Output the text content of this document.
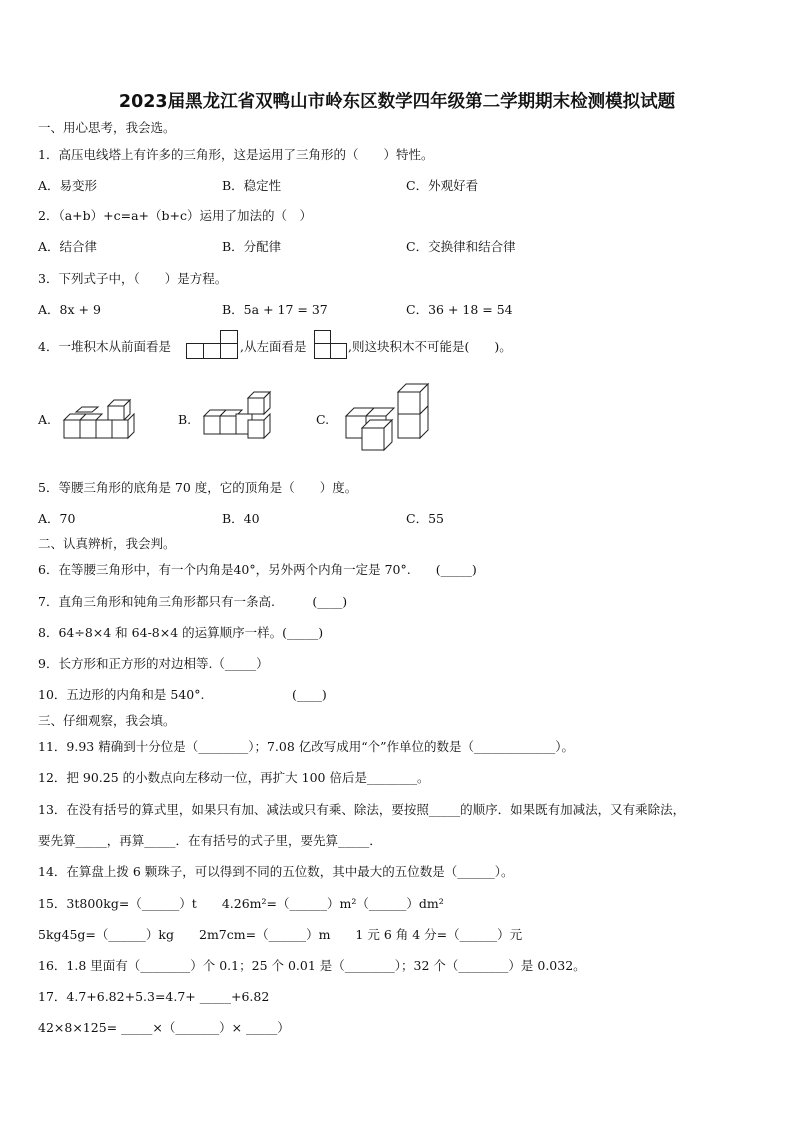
2023届黑龙江省双鸭山市岭东区数学四年级第二学期期末检测模拟试题
一、用心思考，我会选。
1．高压电线塔上有许多的三角形，这是运用了三角形的（　　）特性。
A．易变形	B．稳定性	C．外观好看
2．（a+b）+c=a+（b+c）运用了加法的（　）
A．结合律	B．分配律	C．交换律和结合律
3．下列式子中，（　　）是方程。
A．8x + 9	B．5a + 17 = 37	C．36 + 18 = 54
4．一堆积木从前面看是	,从左面看是	,则这块积木不可能是(　　)。
A.	B.	C.
5．等腰三角形的底角是 70 度，它的顶角是（　　）度。
A．70	B．40	C．55
二、认真辨析，我会判。
6．在等腰三角形中，有一个内角是40°，另外两个内角一定是 70°.　　(_____)
7．直角三角形和钝角三角形都只有一条高.　　　(____)
8．64÷8×4 和 64-8×4 的运算顺序一样。(_____)
9．长方形和正方形的对边相等.（_____）
10．五边形的内角和是 540°.　　　　　　　(____)
三、仔细观察，我会填。
11．9.93 精确到十分位是（________）；7.08 亿改写成用“个”作单位的数是（_____________）。
12．把 90.25 的小数点向左移动一位，再扩大 100 倍后是________。
13．在没有括号的算式里，如果只有加、减法或只有乘、除法，要按照_____的顺序．如果既有加减法，又有乘除法，
要先算_____，再算_____．在有括号的式子里，要先算_____．
14．在算盘上拨 6 颗珠子，可以得到不同的五位数，其中最大的五位数是（______）。
15．3t800kg=（______）t　　4.26m²=（______）m²（______）dm²
5kg45g=（______）kg　　2m7cm=（______）m　　1 元 6 角 4 分=（______）元
16．1.8 里面有（________）个 0.1；25 个 0.01 是（________）；32 个（________）是 0.032。
17．4.7+6.82+5.3=4.7+ _____+6.82
42×8×125= _____×（_______）× _____）
